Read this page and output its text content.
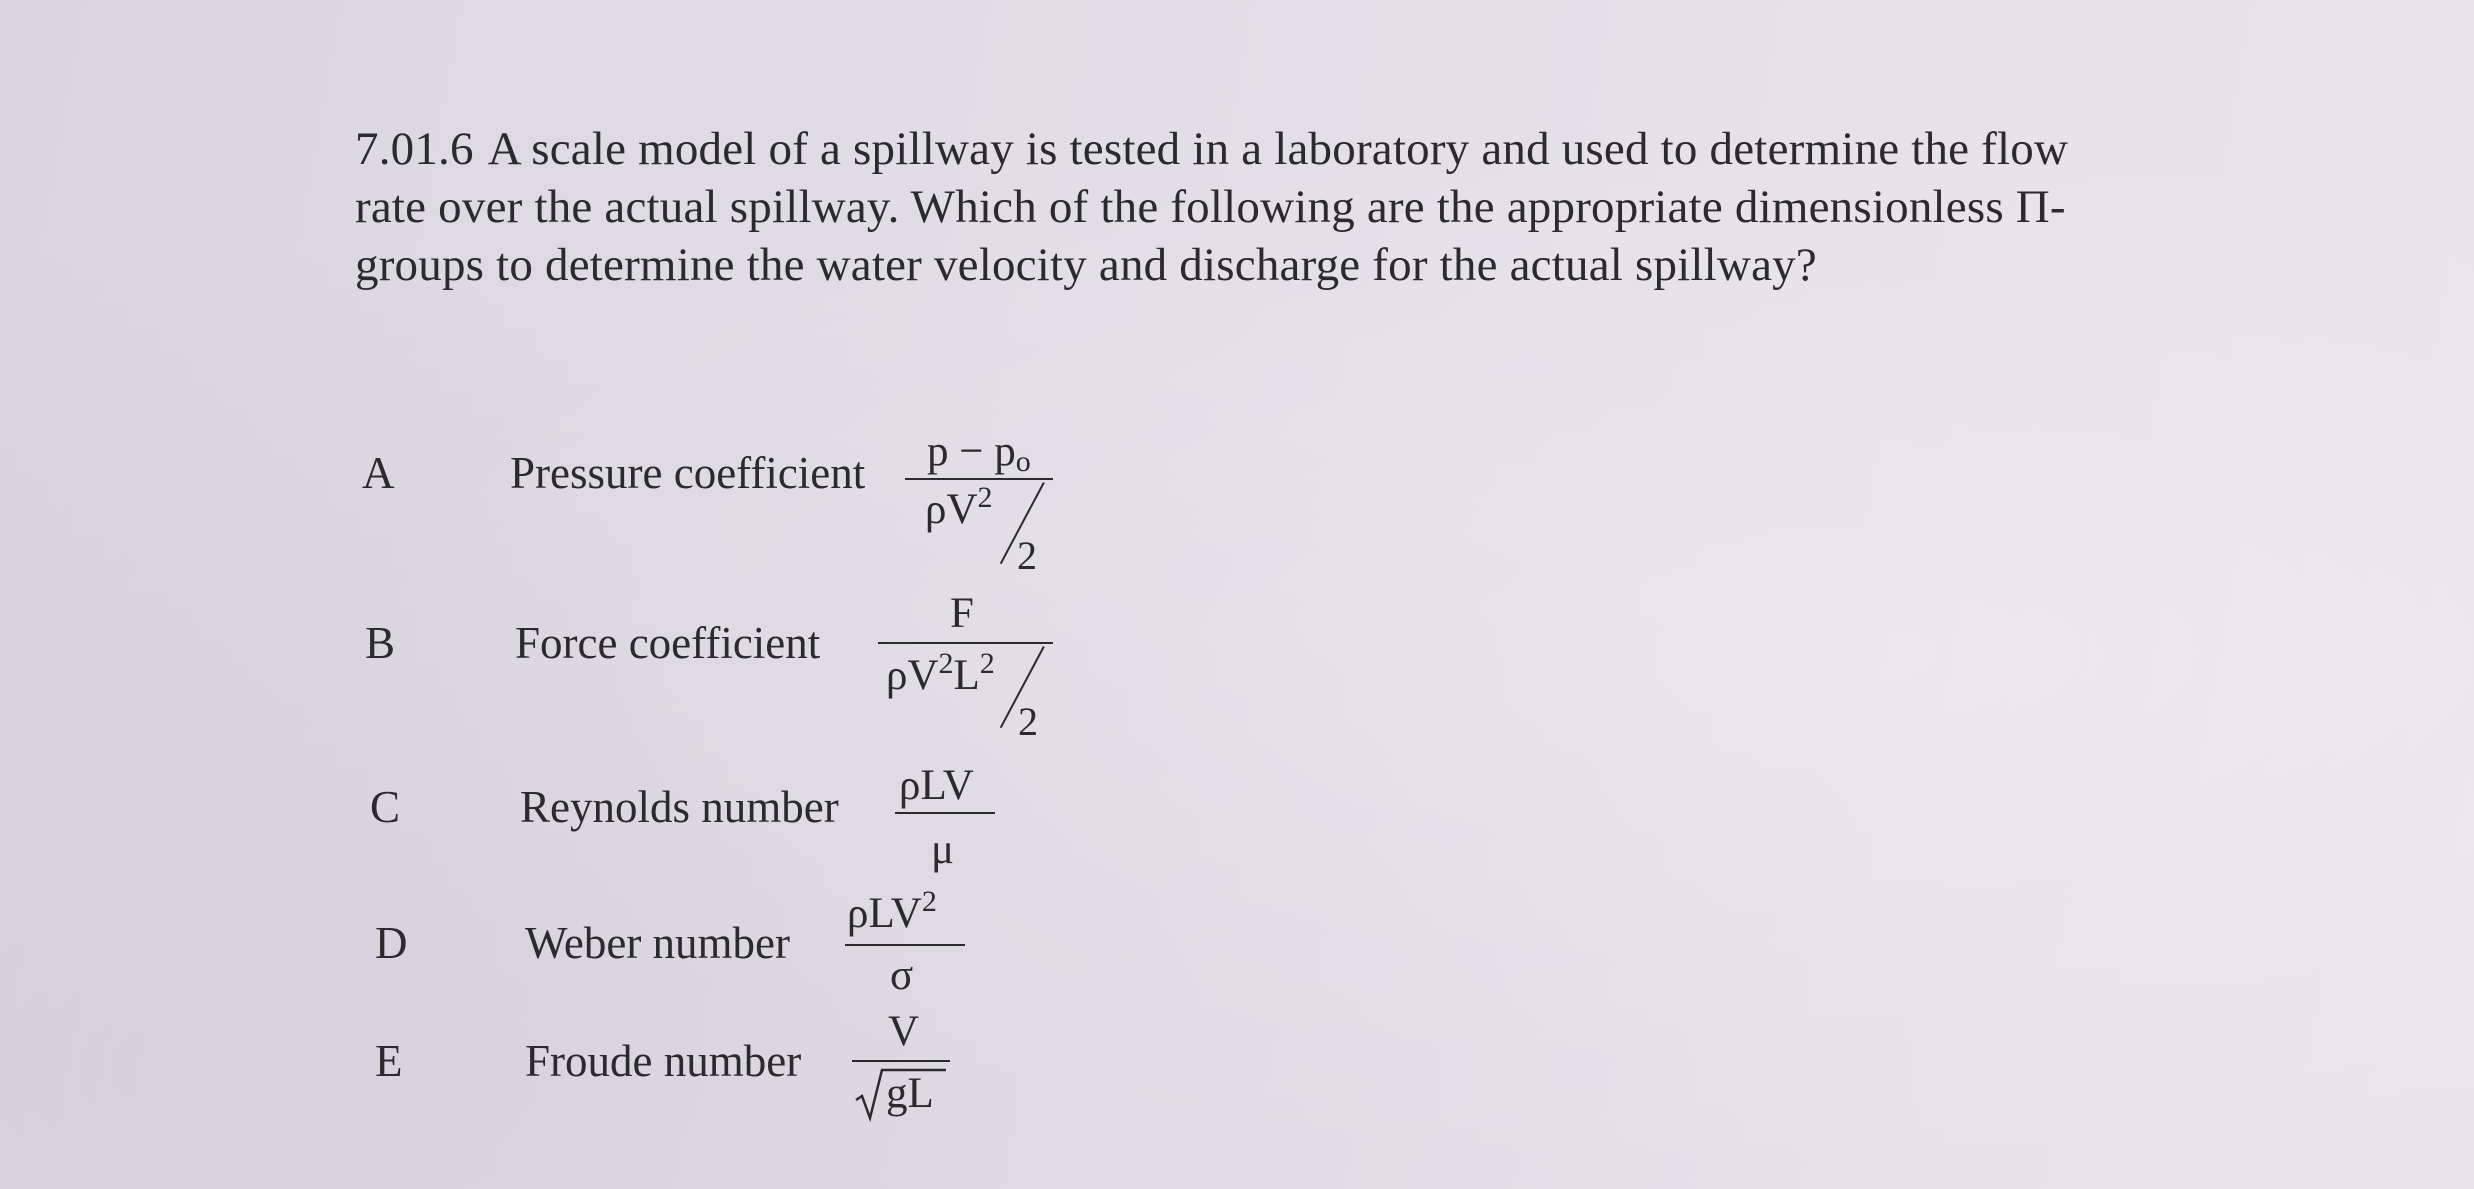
7.01.6 A scale model of a spillway is tested in a laboratory and used to determine the flow rate over the actual spillway. Which of the following are the appropriate dimensionless Π-groups to determine the water velocity and discharge for the actual spillway?
A	Pressure coefficient $p - p_o$
$\rho V^2$
2
B	Force coefficient
F
$\rho V^2L^2$
2
C	Reynolds number ρLV
μ
D	Weber number
ρLV$^2$
σ
E	Froude number
V
gL
